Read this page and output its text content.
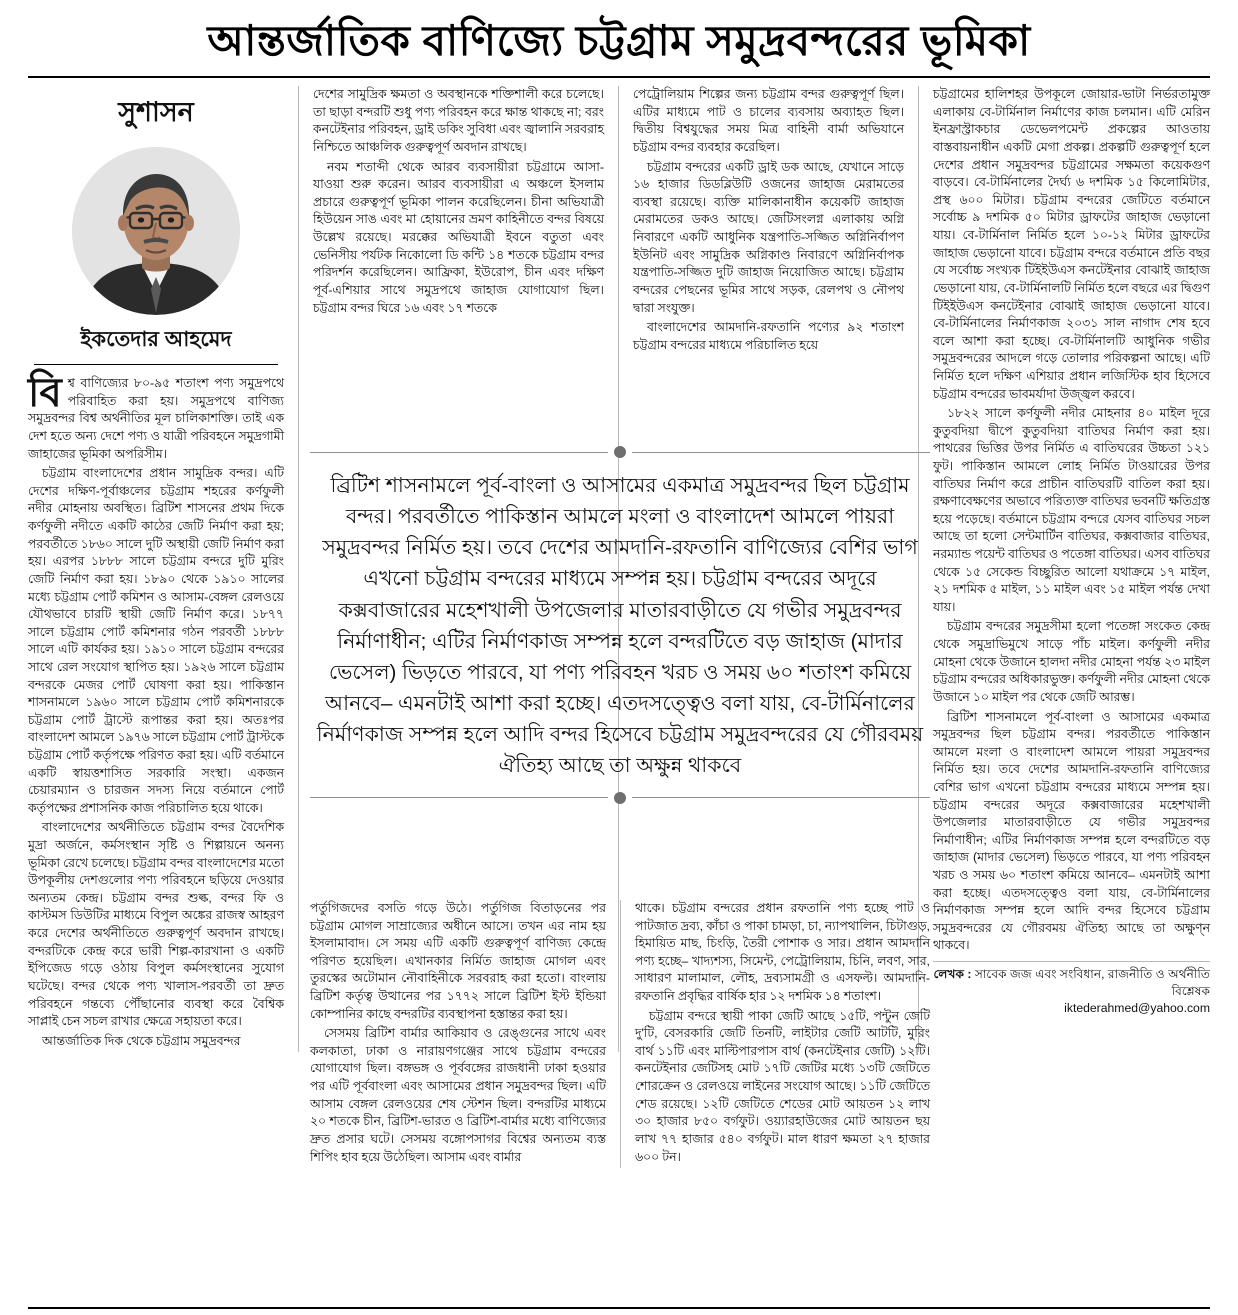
আন্তর্জাতিক বাণিজ্যে চট্টগ্রাম সমুদ্রবন্দরের ভূমিকা
সুশাসন
ইকতেদার আহমেদ
বিশ্ব বাণিজ্যের ৮০-৯৫ শতাংশ পণ্য সমুদ্রপথে পরিবাহিত করা হয়। সমুদ্রপথে বাণিজ্য সমুদ্রবন্দর বিশ্ব অর্থনীতির মূল চালিকাশক্তি। তাই এক দেশ হতে অন্য দেশে পণ্য ও যাত্রী পরিবহনে সমুদ্রগামী জাহাজের ভূমিকা অপরিসীম।

চট্টগ্রাম বাংলাদেশের প্রধান সামুদ্রিক বন্দর। এটি দেশের দক্ষিণ-পূর্বাঞ্চলের চট্টগ্রাম শহরের কর্ণফুলী নদীর মোহনায় অবস্থিত। ব্রিটিশ শাসনের প্রথম দিকে কর্ণফুলী নদীতে একটি কাঠের জেটি নির্মাণ করা হয়; পরবর্তীতে ১৮৬০ সালে দুটি অস্থায়ী জেটি নির্মাণ করা হয়। এরপর ১৮৮৮ সালে চট্টগ্রাম বন্দরে দুটি মুরিং জেটি নির্মাণ করা হয়। ১৮৯০ থেকে ১৯১০ সালের মধ্যে চট্টগ্রাম পোর্ট কমিশন ও আসাম-বেঙ্গল রেলওয়ে যৌথভাবে চারটি স্থায়ী জেটি নির্মাণ করে। ১৮৭৭ সালে চট্টগ্রাম পোর্ট কমিশনার গঠন পরবর্তী ১৮৮৮ সালে এটি কার্যকর হয়। ১৯১০ সালে চট্টগ্রাম বন্দরের সাথে রেল সংযোগ স্থাপিত হয়। ১৯২৬ সালে চট্টগ্রাম বন্দরকে মেজর পোর্ট ঘোষণা করা হয়। পাকিস্তান শাসনামলে ১৯৬০ সালে চট্টগ্রাম পোর্ট কমিশনারকে চট্টগ্রাম পোর্ট ট্রাস্টে রূপান্তর করা হয়। অতঃপর বাংলাদেশ আমলে ১৯৭৬ সালে চট্টগ্রাম পোর্ট ট্রাস্টকে চট্টগ্রাম পোর্ট কর্তৃপক্ষে পরিণত করা হয়। এটি বর্তমানে একটি স্বায়ত্তশাসিত সরকারি সংস্থা। একজন চেয়ারম্যান ও চারজন সদস্য নিয়ে বর্তমানে পোর্ট কর্তৃপক্ষের প্রশাসনিক কাজ পরিচালিত হয়ে থাকে।

বাংলাদেশের অর্থনীতিতে চট্টগ্রাম বন্দর বৈদেশিক মুদ্রা অর্জনে, কর্মসংস্থান সৃষ্টি ও শিল্পায়নে অনন্য ভূমিকা রেখে চলেছে। চট্টগ্রাম বন্দর বাংলাদেশের মতো উপকূলীয় দেশগুলোর পণ্য পরিবহনে ছড়িয়ে দেওয়ার অন্যতম কেন্দ্র। চট্টগ্রাম বন্দর শুল্ক, বন্দর ফি ও কাস্টমস ডিউটির মাধ্যমে বিপুল অঙ্কের রাজস্ব আহরণ করে দেশের অর্থনীতিতে গুরুত্বপূর্ণ অবদান রাখছে। বন্দরটিকে কেন্দ্র করে ভারী শিল্প-কারখানা ও একটি ইপিজেড গড়ে ওঠায় বিপুল কর্মসংস্থানের সুযোগ ঘটেছে। বন্দর থেকে পণ্য খালাস-পরবর্তী তা দ্রুত পরিবহনে গন্তব্যে পৌঁছানোর ব্যবস্থা করে বৈশ্বিক সাপ্লাই চেন সচল রাখার ক্ষেত্রে সহায়তা করে।

আন্তর্জাতিক দিক থেকে চট্টগ্রাম সমুদ্রবন্দর

দেশের সামুদ্রিক ক্ষমতা ও অবস্থানকে শক্তিশালী করে চলেছে। তা ছাড়া বন্দরটি শুধু পণ্য পরিবহন করে ক্ষান্ত থাকছে না; বরং কনটেইনার পরিবহন, ড্রাই ডকিং সুবিধা এবং জ্বালানি সরবরাহ নিশ্চিতে আঞ্চলিক গুরুত্বপূর্ণ অবদান রাখছে।

নবম শতাব্দী থেকে আরব ব্যবসায়ীরা চট্টগ্রামে আসা-যাওয়া শুরু করেন। আরব ব্যবসায়ীরা এ অঞ্চলে ইসলাম প্রচারে গুরুত্বপূর্ণ ভূমিকা পালন করেছিলেন। চীনা অভিযাত্রী হিউয়েন সাঙ এবং মা হোয়ানের ভ্রমণ কাহিনীতে বন্দর বিষয়ে উল্লেখ রয়েছে। মরক্কের অভিযাত্রী ইবনে বতুতা এবং ভেনিসীয় পর্যটক নিকোলো ডি কন্টি ১৪ শতকে চট্টগ্রাম বন্দর পরিদর্শন করেছিলেন। আফ্রিকা, ইউরোপ, চীন এবং দক্ষিণ পূর্ব-এশিয়ার সাথে সমুদ্রপথে জাহাজ যোগাযোগ ছিল। চট্টগ্রাম বন্দর ঘিরে ১৬ এবং ১৭ শতকে

পেট্রোলিয়াম শিল্পের জন্য চট্টগ্রাম বন্দর গুরুত্বপূর্ণ ছিল। এটির মাধ্যমে পাট ও চালের ব্যবসায় অব্যাহত ছিল। দ্বিতীয় বিশ্বযুদ্ধের সময় মিত্র বাহিনী বার্মা অভিযানে চট্টগ্রাম বন্দর ব্যবহার করেছিল।

চট্টগ্রাম বন্দরের একটি ড্রাই ডক আছে, যেখানে সাড়ে ১৬ হাজার ডিডব্লিউটি ওজনের জাহাজ মেরামতের ব্যবস্থা রয়েছে। ব্যক্তি মালিকানাধীন কয়েকটি জাহাজ মেরামতের ডকও আছে। জেটিসংলগ্ন এলাকায় অগ্নি নিবারণে একটি আধুনিক যন্ত্রপাতি-সজ্জিত অগ্নিনির্বাপণ ইউনিট এবং সামুদ্রিক অগ্নিকাণ্ড নিবারণে অগ্নিনির্বাপক যন্ত্রপাতি-সজ্জিত দুটি জাহাজ নিয়োজিত আছে। চট্টগ্রাম বন্দরের পেছনের ভূমির সাথে সড়ক, রেলপথ ও নৌপথ দ্বারা সংযুক্ত।

বাংলাদেশের আমদানি-রফতানি পণ্যের ৯২ শতাংশ চট্টগ্রাম বন্দরের মাধ্যমে পরিচালিত হয়ে

চট্টগ্রামের হালিশহর উপকূলে জোয়ার-ভাটা নির্ভরতামুক্ত এলাকায় বে-টার্মিনাল নির্মাণের কাজ চলমান। এটি মেরিন ইনফ্রাস্ট্রাকচার ডেভেলপমেন্ট প্রকল্পের আওতায় বাস্তবায়নাধীন একটি মেগা প্রকল্প। প্রকল্পটি গুরুত্বপূর্ণ হলে দেশের প্রধান সমুদ্রবন্দর চট্টগ্রামের সক্ষমতা কয়েকগুণ বাড়বে। বে-টার্মিনালের দৈর্ঘ্য ৬ দশমিক ১৫ কিলোমিটার, প্রস্থ ৬০০ মিটার। চট্টগ্রাম বন্দরের জেটিতে বর্তমানে সর্বোচ্চ ৯ দশমিক ৫০ মিটার ড্রাফটের জাহাজ ভেড়ানো যায়। বে-টার্মিনাল নির্মিত হলে ১০-১২ মিটার ড্রাফটের জাহাজ ভেড়ানো যাবে। চট্টগ্রাম বন্দরে বর্তমানে প্রতি বছর যে সর্বোচ্চ সংখ্যক টিইইউএস কনটেইনার বোঝাই জাহাজ ভেড়ানো যায়, বে-টার্মিনালটি নির্মিত হলে বছরে এর দ্বিগুণ টিইইউএস কনটেইনার বোঝাই জাহাজ ভেড়ানো যাবে। বে-টার্মিনালের নির্মাণকাজ ২০৩১ সাল নাগাদ শেষ হবে বলে আশা করা হচ্ছে। বে-টার্মিনালটি আধুনিক গভীর সমুদ্রবন্দরের আদলে গড়ে তোলার পরিকল্পনা আছে। এটি নির্মিত হলে দক্ষিণ এশিয়ার প্রধান লজিস্টিক হাব হিসেবে চট্টগ্রাম বন্দরের ভাবমর্যাদা উজ্জ্বল করবে।

১৮২২ সালে কর্ণফুলী নদীর মোহনার ৪০ মাইল দূরে কুতুবদিয়া দ্বীপে কুতুবদিয়া বাতিঘর নির্মাণ করা হয়। পাথরের ভিত্তির উপর নির্মিত এ বাতিঘরের উচ্চতা ১২১ ফুট। পাকিস্তান আমলে লোহ নির্মিত টাওয়ারের উপর বাতিঘর নির্মাণ করে প্রাচীন বাতিঘরটি বাতিল করা হয়। রক্ষণাবেক্ষণের অভাবে পরিত্যক্ত বাতিঘর ভবনটি ক্ষতিগ্রস্ত হয়ে পড়েছে। বর্তমানে চট্টগ্রাম বন্দরে যেসব বাতিঘর সচল আছে তা হলো সেন্টমার্টিন বাতিঘর, কক্সবাজার বাতিঘর, নরম্যান্ড পয়েন্ট বাতিঘর ও পতেঙ্গা বাতিঘর। এসব বাতিঘর থেকে ১৫ সেকেন্ড বিচ্ছুরিত আলো যথাক্রমে ১৭ মাইল, ২১ দশমিক ৫ মাইল, ১১ মাইল এবং ১৫ মাইল পর্যন্ত দেখা যায়।

চট্টগ্রাম বন্দরের সমুদ্রসীমা হলো পতেঙ্গা সংকেত কেন্দ্র থেকে সমুদ্রাভিমুখে সাড়ে পাঁচ মাইল। কর্ণফুলী নদীর মোহনা থেকে উজানে হালদা নদীর মোহনা পর্যন্ত ২৩ মাইল চট্টগ্রাম বন্দরের অধিকারভুক্ত। কর্ণফুলী নদীর মোহনা থেকে উজানে ১০ মাইল পর থেকে জেটি আরম্ভ।

ব্রিটিশ শাসনামলে পূর্ব-বাংলা ও আসামের একমাত্র সমুদ্রবন্দর ছিল চট্টগ্রাম বন্দর। পরবর্তীতে পাকিস্তান আমলে মংলা ও বাংলাদেশ আমলে পায়রা সমুদ্রবন্দর নির্মিত হয়। তবে দেশের আমদানি-রফতানি বাণিজ্যের বেশির ভাগ এখনো চট্টগ্রাম বন্দরের মাধ্যমে সম্পন্ন হয়। চট্টগ্রাম বন্দরের অদূরে কক্সবাজারের মহেশখালী উপজেলার মাতারবাড়ীতে যে গভীর সমুদ্রবন্দর নির্মাণাধীন; এটির নির্মাণকাজ সম্পন্ন হলে বন্দরটিতে বড় জাহাজ (মাদার ভেসেল) ভিড়তে পারবে, যা পণ্য পরিবহন খরচ ও সময় ৬০ শতাংশ কমিয়ে আনবে– এমনটাই আশা করা হচ্ছে। এতদসত্ত্বেও বলা যায়, বে-টার্মিনালের নির্মাণকাজ সম্পন্ন হলে আদি বন্দর হিসেবে চট্টগ্রাম সমুদ্রবন্দরের যে গৌরবময় ঐতিহ্য আছে তা অক্ষুণ্ন থাকবে।

লেখক : সাবেক জজ এবং সংবিধান, রাজনীতি ও অর্থনীতি বিশ্লেষক
iktederahmed@yahoo.com
ব্রিটিশ শাসনামলে পূর্ব-বাংলা ও আসামের একমাত্র সমুদ্রবন্দর ছিল চট্টগ্রাম বন্দর। পরবর্তীতে পাকিস্তান আমলে মংলা ও বাংলাদেশ আমলে পায়রা সমুদ্রবন্দর নির্মিত হয়। তবে দেশের আমদানি-রফতানি বাণিজ্যের বেশির ভাগ এখনো চট্টগ্রাম বন্দরের মাধ্যমে সম্পন্ন হয়। চট্টগ্রাম বন্দরের অদূরে কক্সবাজারের মহেশখালী উপজেলার মাতারবাড়ীতে যে গভীর সমুদ্রবন্দর নির্মাণাধীন; এটির নির্মাণকাজ সম্পন্ন হলে বন্দরটিতে বড় জাহাজ (মাদার ভেসেল) ভিড়তে পারবে, যা পণ্য পরিবহন খরচ ও সময় ৬০ শতাংশ কমিয়ে আনবে– এমনটাই আশা করা হচ্ছে। এতদসত্ত্বেও বলা যায়, বে-টার্মিনালের নির্মাণকাজ সম্পন্ন হলে আদি বন্দর হিসেবে চট্টগ্রাম সমুদ্রবন্দরের যে গৌরবময় ঐতিহ্য আছে তা অক্ষুন্ন থাকবে

পর্তুগিজদের বসতি গড়ে উঠে। পর্তুগিজ বিতাড়নের পর চট্টগ্রাম মোগল সাম্রাজ্যের অধীনে আসে। তখন এর নাম হয় ইসলামাবাদ। সে সময় এটি একটি গুরুত্বপূর্ণ বাণিজ্য কেন্দ্রে পরিণত হয়েছিল। এখানকার নির্মিত জাহাজ মোগল এবং তুরস্কের অটোমান নৌবাহিনীকে সরবরাহ করা হতো। বাংলায় ব্রিটিশ কর্তৃত্ব উত্থানের পর ১৭৭২ সালে ব্রিটিশ ইস্ট ইন্ডিয়া কোম্পানির কাছে বন্দরটির ব্যবস্থাপনা হস্তান্তর করা হয়।

সেসময় ব্রিটিশ বার্মার আকিয়াব ও রেঙ্গুনের সাথে এবং কলকাতা, ঢাকা ও নারায়ণগঞ্জের সাথে চট্টগ্রাম বন্দরের যোগাযোগ ছিল। বঙ্গভঙ্গ ও পূর্ববঙ্গের রাজধানী ঢাকা হওয়ার পর এটি পূর্ববাংলা এবং আসামের প্রধান সমুদ্রবন্দর ছিল। এটি আসাম বেঙ্গল রেলওয়ের শেষ স্টেশন ছিল। বন্দরটির মাধ্যমে ২০ শতকে চীন, ব্রিটিশ-ভারত ও ব্রিটিশ-বার্মার মধ্যে বাণিজ্যের দ্রুত প্রসার ঘটে। সেসময় বঙ্গোপসাগর বিশ্বের অন্যতম ব্যস্ত শিপিং হাব হয়ে উঠেছিল। আসাম এবং বার্মার

থাকে। চট্টগ্রাম বন্দরের প্রধান রফতানি পণ্য হচ্ছে পাট ও পাটজাত দ্রব্য, কাঁচা ও পাকা চামড়া, চা, ন্যাপথালিন, চিটাগুড়, হিমায়িত মাছ, চিংড়ি, তৈরী পোশাক ও সার। প্রধান আমদানি পণ্য হচ্ছে– খাদ্যশস্য, সিমেন্ট, পেট্রোলিয়াম, চিনি, লবণ, সার, সাধারণ মালামাল, লৌহ, দ্রব্যসামগ্রী ও এসফল্ট। আমদানি-রফতানি প্রবৃদ্ধির বার্ষিক হার ১২ দশমিক ১৪ শতাংশ।

চট্টগ্রাম বন্দরে স্থায়ী পাকা জেটি আছে ১৫টি, পন্টুন জেটি দু'টি, বেসরকারি জেটি তিনটি, লাইটার জেটি আটটি, মুরিং বার্থ ১১টি এবং মাল্টিপারপাস বার্থ (কনটেইনার জেটি) ১২টি। কনটেইনার জেটিসহ মোট ১৭টি জেটির মধ্যে ১৩টি জেটিতে শোরক্রেন ও রেলওয়ে লাইনের সংযোগ আছে। ১১টি জেটিতে শেড রয়েছে। ১২টি জেটিতে শেডের মোট আয়তন ১২ লাখ ৩০ হাজার ৮৫০ বর্গফুট। ওয়্যারহাউজের মোট আয়তন ছয় লাখ ৭৭ হাজার ৫৪০ বর্গফুট। মাল ধারণ ক্ষমতা ২৭ হাজার ৬০০ টন।
